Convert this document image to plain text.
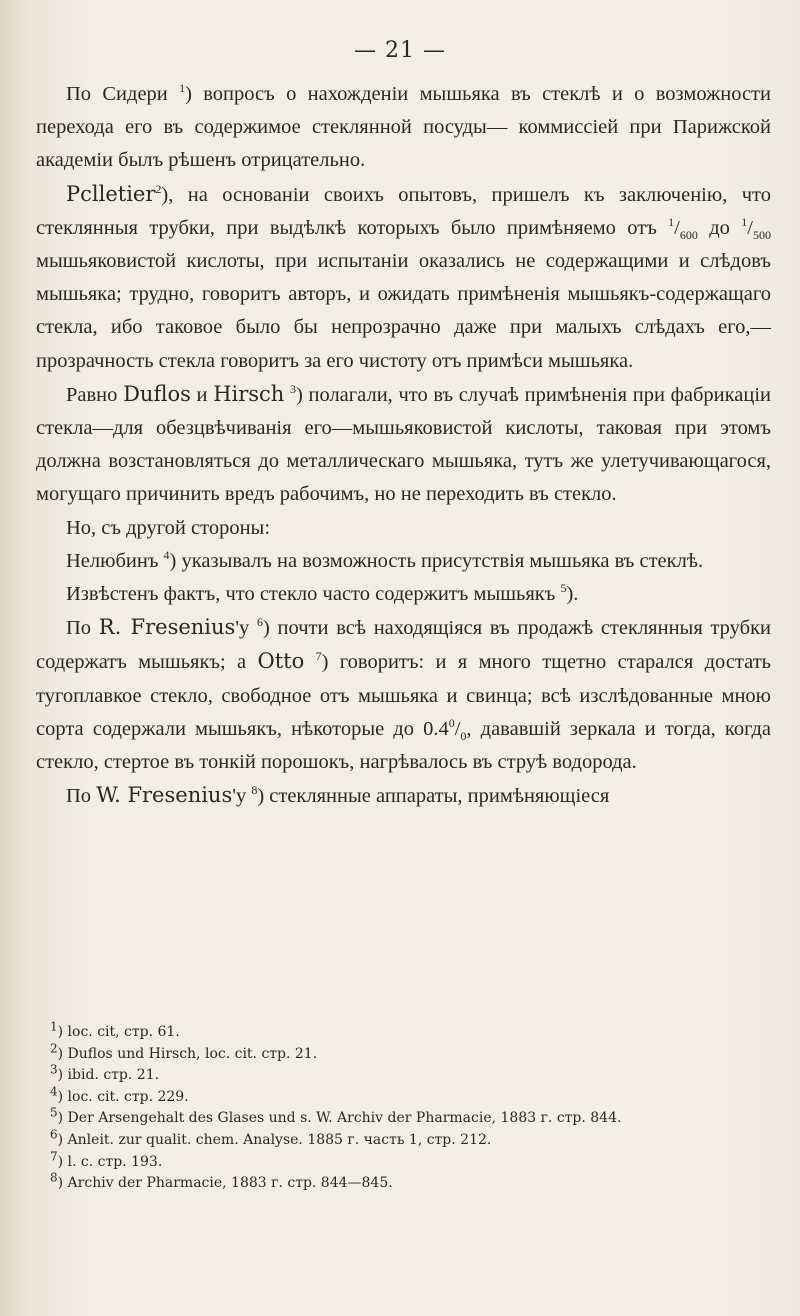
— 21 —

По Сидери $^1$) вопросъ о нахожденіи мышьяка въ стеклѣ и о возможности перехода его въ содержимое стеклянной посуды— коммиссіей при Парижской академіи былъ рѣшенъ отрицательно.

Pclletier$^2$), на основаніи своихъ опытовъ, пришелъ къ заключенію, что стеклянныя трубки, при выдѣлкѣ которыхъ было примѣняемо отъ $^1/_{600}$ до $^1/_{500}$ мышьяковистой кислоты, при испытаніи оказались не содержащими и слѣдовъ мышьяка; трудно, говоритъ авторъ, и ожидать примѣненія мышьякъ-содержащаго стекла, ибо таковое было бы непрозрачно даже при малыхъ слѣдахъ его,—прозрачность стекла говоритъ за его чистоту отъ примѣси мышьяка.

Равно Duflos и Hirsch $^3$) полагали, что въ случаѣ примѣненія при фабрикаціи стекла—для обезцвѣчиванія его—мышьяковистой кислоты, таковая при этомъ должна возстановляться до металлическаго мышьяка, тутъ же улетучивающагося, могущаго причинить вредъ рабочимъ, но не переходить въ стекло.

Но, съ другой стороны:

Нелюбинъ $^4$) указывалъ на возможность присутствія мышьяка въ стеклѣ.

Извѣстенъ фактъ, что стекло часто содержитъ мышьякъ $^5$).

По R. Fresenius'у $^6$) почти всѣ находящіяся въ продажѣ стеклянныя трубки содержатъ мышьякъ; а Otto $^7$) говоритъ: и я много тщетно старался достать тугоплавкое стекло, свободное отъ мышьяка и свинца; всѣ изслѣдованные мною сорта содержали мышьякъ, нѣкоторые до $0.4^0/_0$, дававшій зеркала и тогда, когда стекло, стертое въ тонкій порошокъ, нагрѣвалось въ струѣ водорода.

По W. Fresenius'у $^8$) стеклянные аппараты, примѣняющіеся

$^1$) loc. cit, стр. 61.

$^2$) Duflos und Hirsch, loc. cit. стр. 21.

$^3$) ibid. стр. 21.

$^4$) loc. cit. стр. 229.

$^5$) Der Arsengehalt des Glases und s. W. Archiv der Pharmacie, 1883 г. стр. 844.

$^6$) Anleit. zur qualit. chem. Analyse. 1885 г. часть 1, стр. 212.

$^7$) l. c. стр. 193.

$^8$) Archiv der Pharmacie, 1883 г. стр. 844—845.
